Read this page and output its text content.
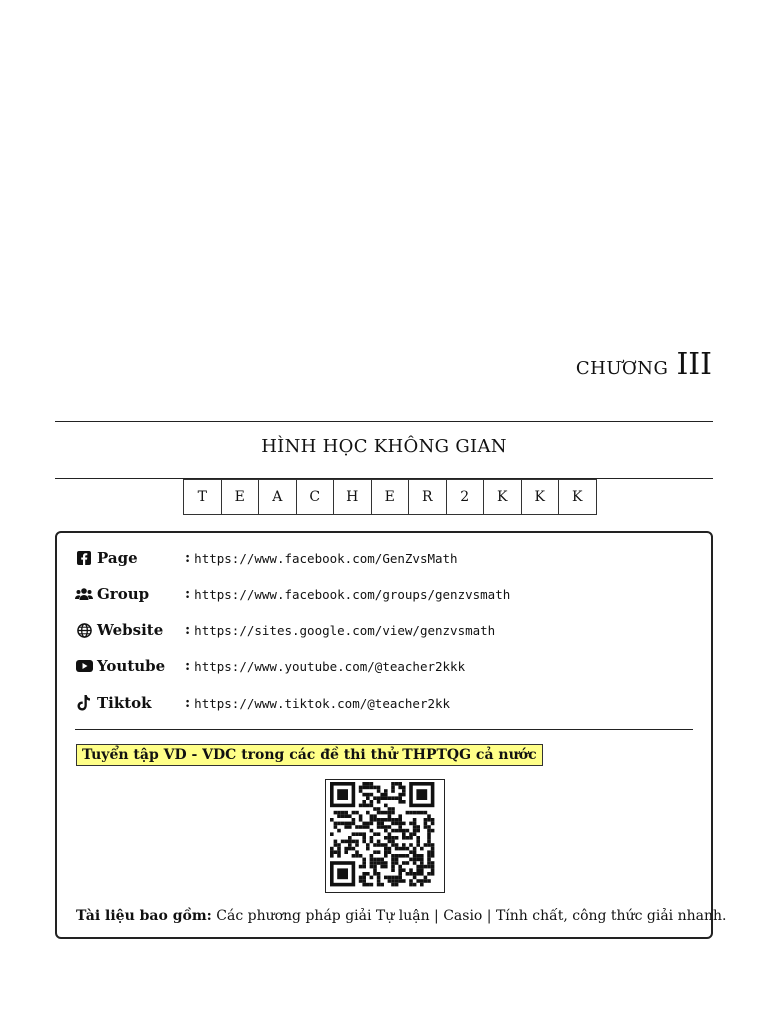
CHƯƠNG III
HÌNH HỌC KHÔNG GIAN
T	E	A	C	H	E	R	2	K	K	K
Page	: https://www.facebook.com/GenZvsMath
Group	: https://www.facebook.com/groups/genzvsmath
Website	: https://sites.google.com/view/genzvsmath
Youtube	: https://www.youtube.com/@teacher2kkk
Tiktok	: https://www.tiktok.com/@teacher2kk
Tuyển tập VD - VDC trong các đề thi thử THPTQG cả nước
Tài liệu bao gồm: Các phương pháp giải Tự luận | Casio | Tính chất, công thức giải nhanh.
